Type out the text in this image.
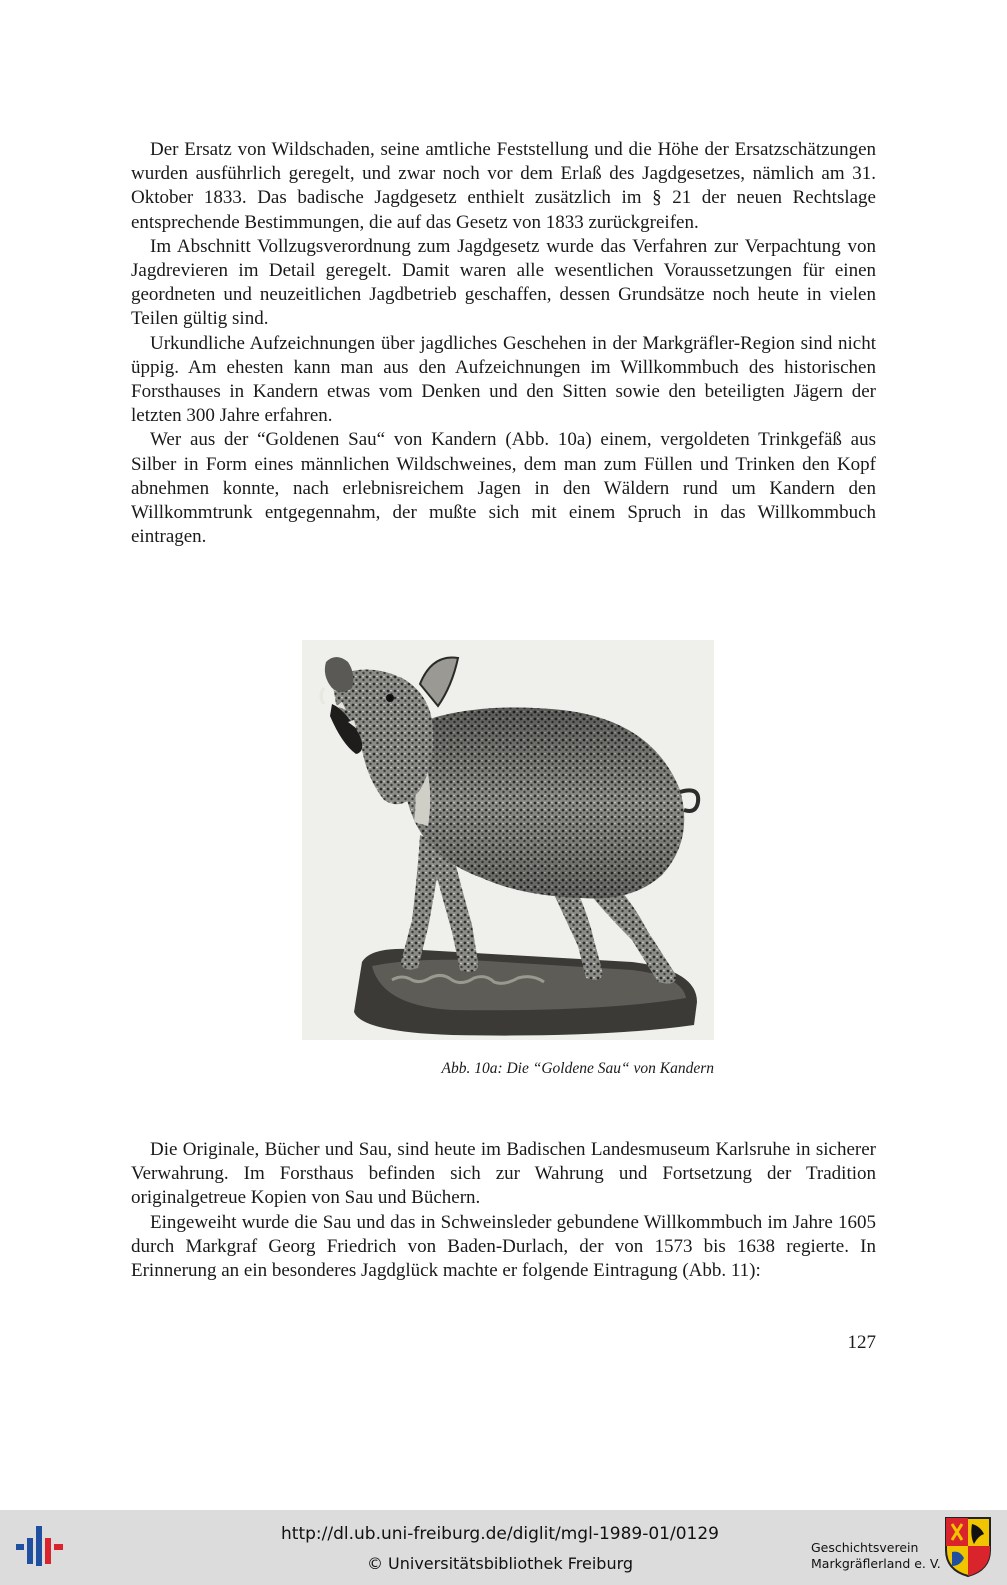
Der Ersatz von Wildschaden, seine amtliche Feststellung und die Höhe der Ersatzschätzungen wurden ausführlich geregelt, und zwar noch vor dem Erlaß des Jagdgesetzes, nämlich am 31. Oktober 1833. Das badische Jagdgesetz enthielt zusätzlich im § 21 der neuen Rechtslage entsprechende Bestimmungen, die auf das Gesetz von 1833 zurückgreifen.

Im Abschnitt Vollzugsverordnung zum Jagdgesetz wurde das Verfahren zur Verpachtung von Jagdrevieren im Detail geregelt. Damit waren alle wesentlichen Voraussetzungen für einen geordneten und neuzeitlichen Jagdbetrieb geschaffen, dessen Grundsätze noch heute in vielen Teilen gültig sind.

Urkundliche Aufzeichnungen über jagdliches Geschehen in der Markgräfler-Region sind nicht üppig. Am ehesten kann man aus den Aufzeichnungen im Willkommbuch des historischen Forsthauses in Kandern etwas vom Denken und den Sitten sowie den beteiligten Jägern der letzten 300 Jahre erfahren.

Wer aus der “Goldenen Sau“ von Kandern (Abb. 10a) einem, vergoldeten Trinkgefäß aus Silber in Form eines männlichen Wildschweines, dem man zum Füllen und Trinken den Kopf abnehmen konnte, nach erlebnisreichem Jagen in den Wäldern rund um Kandern den Willkommtrunk entgegennahm, der mußte sich mit einem Spruch in das Willkommbuch eintragen.

Abb. 10a: Die “Goldene Sau“ von Kandern

Die Originale, Bücher und Sau, sind heute im Badischen Landesmuseum Karlsruhe in sicherer Verwahrung. Im Forsthaus befinden sich zur Wahrung und Fortsetzung der Tradition originalgetreue Kopien von Sau und Büchern.

Eingeweiht wurde die Sau und das in Schweinsleder gebundene Willkommbuch im Jahre 1605 durch Markgraf Georg Friedrich von Baden-Durlach, der von 1573 bis 1638 regierte. In Erinnerung an ein besonderes Jagdglück machte er folgende Eintragung (Abb. 11):

127
http://dl.ub.uni-freiburg.de/diglit/mgl-1989-01/0129
© Universitätsbibliothek Freiburg
Geschichtsverein
Markgräflerland e. V.
